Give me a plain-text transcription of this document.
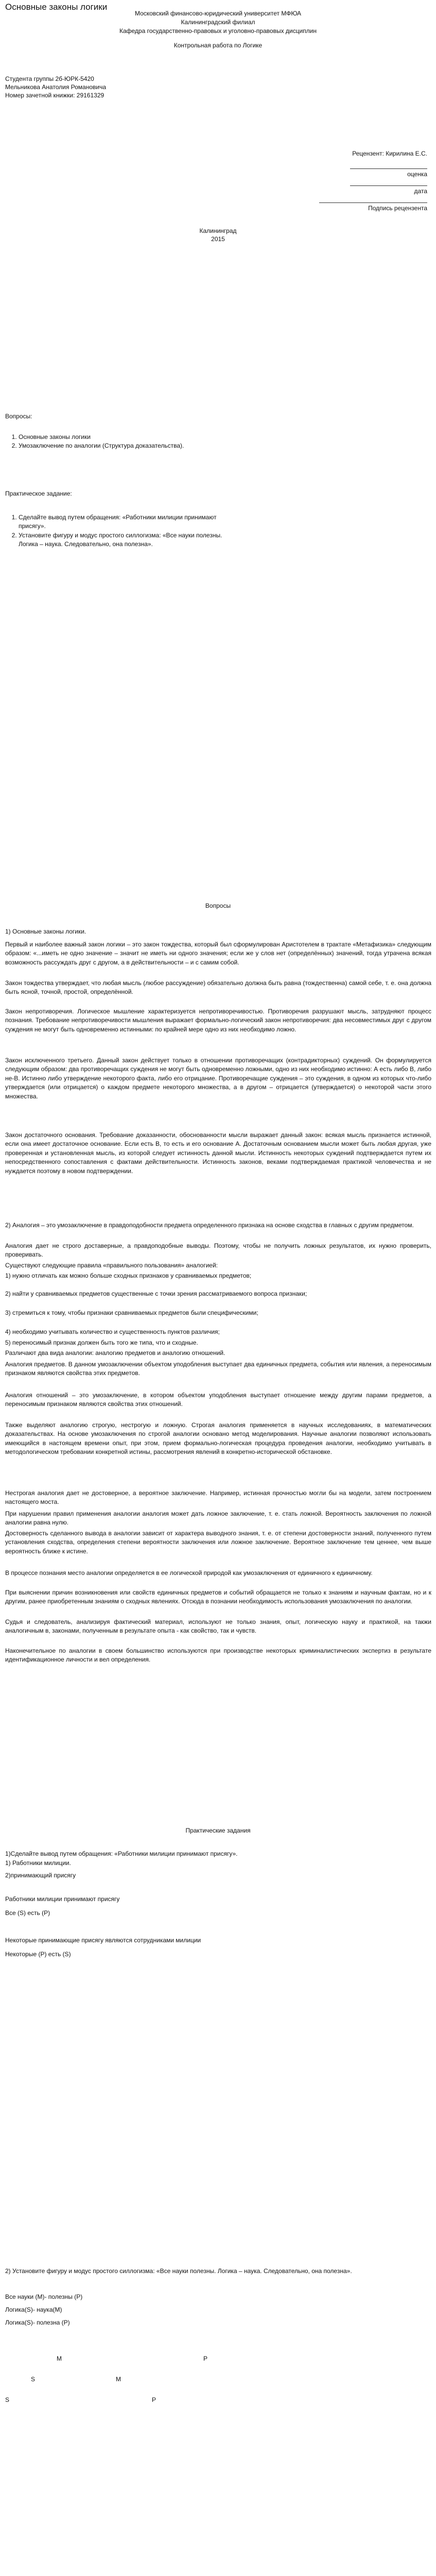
Основные законы логики
Московский финансово-юридический университет МФЮА
Калининградский филиал
Кафедра государственно-правовых и уголовно-правовых дисциплин
Контрольная работа по Логике
Студента группы 2б-ЮРК-5420
Мельникова Анатолия Романовича
Номер зачетной книжки: 29161329
Рецензент: Кирилина Е.С.
оценка
дата
Подпись рецензента
Калининград
2015
Вопросы:
1. Основные законы логики
2. Умозаключение по аналогии (Структура доказательства).
Практическое задание:
1. Сделайте вывод путем обращения: «Работники милиции принимают присягу».
2. Установите фигуру и модус простого силлогизма: «Все науки полезны. Логика – наука. Следовательно, она полезна».
Вопросы
1) Основные законы логики.
Первый и наиболее важный закон логики – это закон тождества, который был сформулирован Аристотелем в трактате «Метафизика» следующим образом: «...иметь не одно значение – значит не иметь ни одного значения; если же у слов нет (определённых) значений, тогда утрачена всякая возможность рассуждать друг с другом, а в действительности – и с самим собой.
Закон тождества утверждает, что любая мысль (любое рассуждение) обязательно должна быть равна (тождественна) самой себе, т. е. она должна быть ясной, точной, простой, определённой.
Закон непротиворечия. Логическое мышление характеризуется непротиворечивостью. Противоречия разрушают мысль, затрудняют процесс познания. Требование непротиворечивости мышления выражает формально-логический закон непротиворечия: два несовместимых друг с другом суждения не могут быть одновременно истинными: по крайней мере одно из них необходимо ложно.
Закон исключенного третьего. Данный закон действует только в отношении противоречащих (контрадикторных) суждений. Он формулируется следующим образом: два противоречащих суждения не могут быть одновременно ложными, одно из них необходимо истинно: А есть либо В, либо не-В. Истинно либо утверждение некоторого факта, либо его отрицание. Противоречащие суждения – это суждения, в одном из которых что-либо утверждается (или отрицается) о каждом предмете некоторого множества, а в другом – отрицается (утверждается) о некоторой части этого множества.
Закон достаточного основания. Требование доказанности, обоснованности мысли выражает данный закон: всякая мысль признается истинной, если она имеет достаточное основание. Если есть В, то есть и его основание А. Достаточным основанием мысли может быть любая другая, уже проверенная и установленная мысль, из которой следует истинность данной мысли. Истинность некоторых суждений подтверждается путем их непосредственного сопоставления с фактами действительности. Истинность законов, веками подтверждаемая практикой человечества и не нуждается поэтому в новом подтверждении.
2) Аналогия – это умозаключение в правдоподобности предмета определенного признака на основе сходства в главных с другим предметом.
Аналогия дает не строго доставерные, а правдоподобные выводы. Поэтому, чтобы не получить ложных результатов, их нужно проверить, проверивать.
Существуют следующие правила «правильного пользования» аналогией:
1) нужно отличать как можно больше сходных признаков у сравниваемых предметов;
2) найти у сравниваемых предметов существенные с точки зрения рассматриваемого вопроса признаки;
3) стремиться к тому, чтобы признаки сравниваемых предметов были специфическими;
4) необходимо учитывать количество и существенность пунктов различия;
5) переносимый признак должен быть того же типа, что и сходные.
Различают два вида аналогии: аналогию предметов и аналогию отношений.
Аналогия предметов. В данном умозаключении объектом уподобления выступает два единичных предмета, события или явления, а переносимым признаком являются свойства этих предметов.
Аналогия отношений – это умозаключение, в котором объектом уподобления выступает отношение между другим парами предметов, а переносимым признаком являются свойства этих отношений.
Также выделяют аналогию строгую, нестрогую и ложную. Строгая аналогия применяется в научных исследованиях, в математических доказательствах. На основе умозаключения по строгой аналогии основано метод моделирования. Научные аналогии позволяют использовать имеющийся в настоящем времени опыт, при этом, прием формально-логическая процедура проведения аналогии, необходимо учитывать в методологическом требовании конкретной истины, рассмотрения явлений в конкретно-исторической обстановке.
Нестрогая аналогия дает не достоверное, а вероятное заключение. Например, истинная прочностью могли бы на модели, затем построением настоящего моста.
При нарушении правил применения аналогии аналогия может дать ложное заключение, т. е. стать ложной. Вероятность заключения по ложной аналогии равна нулю.
Достоверность сделанного вывода в аналогии зависит от характера выводного знания, т. е. от степени достоверности знаний, полученного путем установления сходства, определения степени вероятности заключения или ложное заключение. Вероятное заключение тем ценнее, чем выше вероятность ближе к истине.
В процессе познания место аналогии определяется в ее логической природой как умозаключения от единичного к единичному.
При выяснении причин возникновения или свойств единичных предметов и событий обращается не только к знаниям и научным фактам, но и к другим, ранее приобретенным знаниям о сходных явлениях. Отсюда в познании необходимость использования умозаключения по аналогии.
Судья и следователь, анализируя фактический материал, используют не только знания, опыт, логическую науку и практикой, на такжи аналогичным в, законами, полученным в результате опыта - как свойство, так и чувств.
Наконечительное по аналогии в своем большинство используются при производстве некоторых криминалистических экспертиз в результате идентификационное личности и вел определения.
Практические задания
1)Сделайте вывод путем обращения: «Работники милиции принимают присягу».
1) Работники милиции.
2)принимающий присягу
Работники милиции принимают присягу
Все (S) есть (P)
Некоторые принимающие присягу являются сотрудниками милиции
Некоторые (P) есть (S)
2) Установите фигуру и модус простого силлогизма: «Все науки полезны. Логика – наука. Следовательно, она полезна».
Все науки (М)- полезны (P)
Логика(S)- наука(М)
Логика(S)- полезна (P)
M	P
S	M
S	P
